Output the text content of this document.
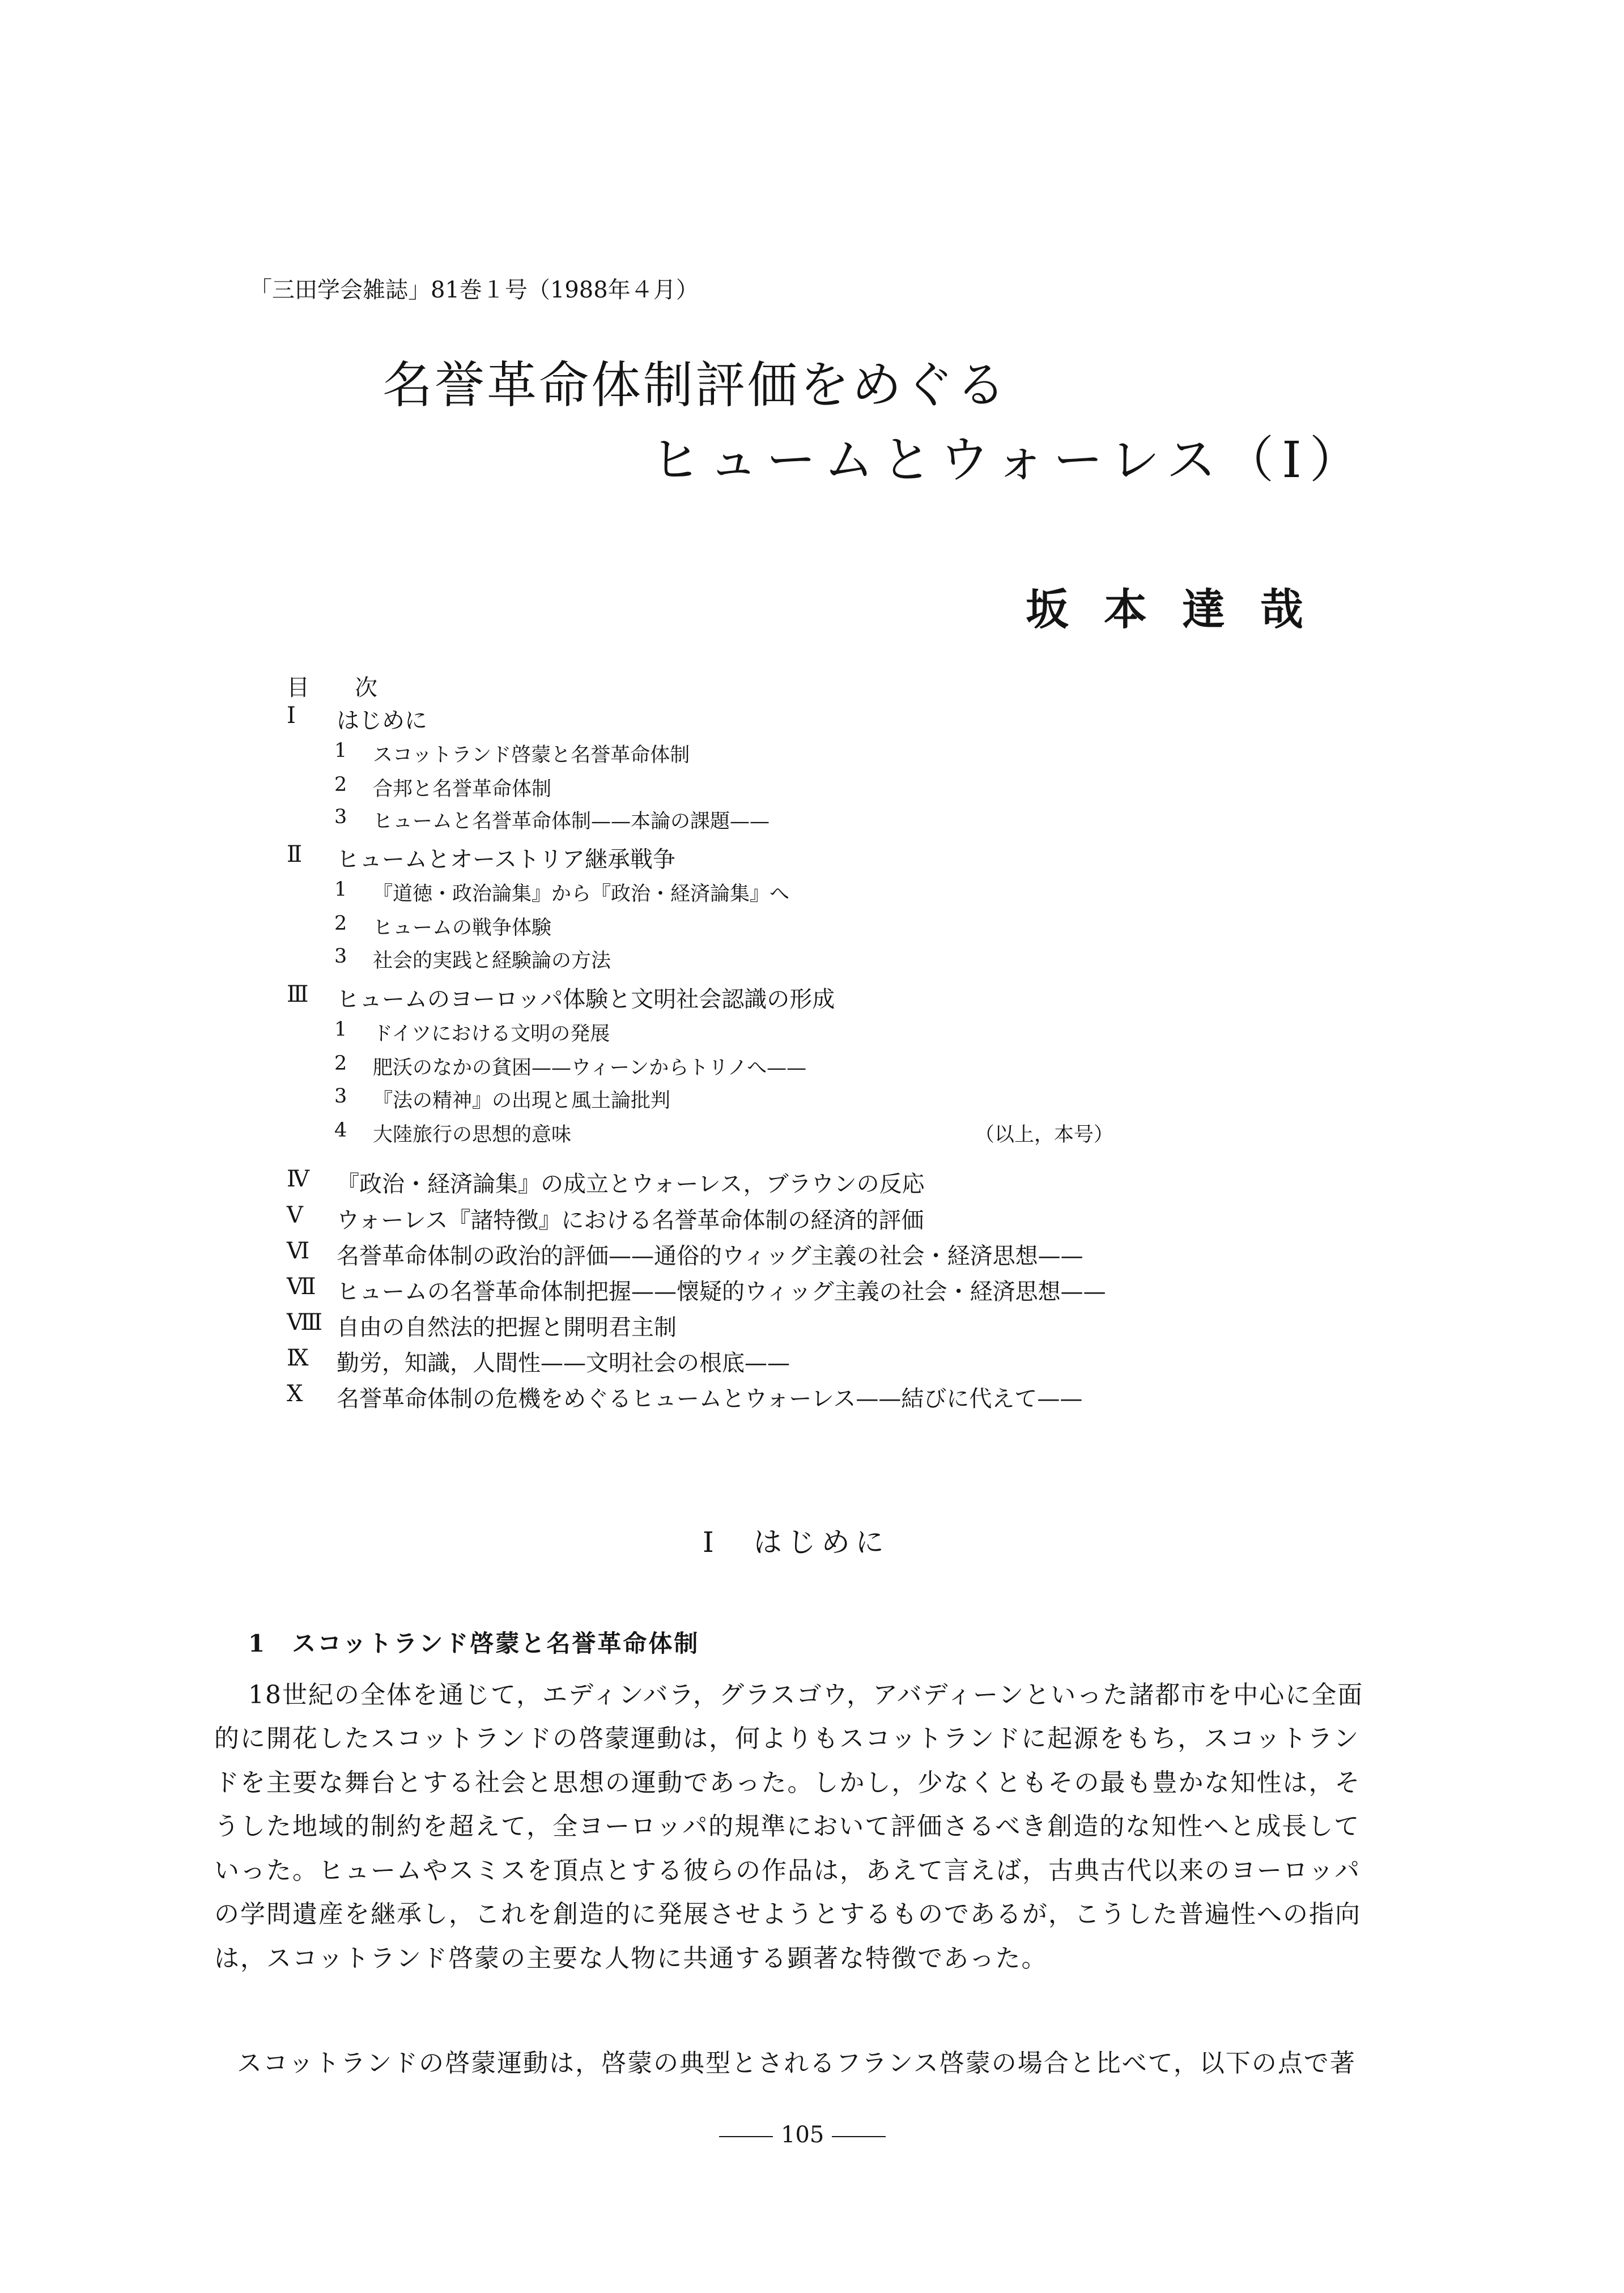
「三田学会雑誌」81巻１号（1988年４月）
名誉革命体制評価をめぐる
ヒュームとウォーレス（Ⅰ）
坂本達哉
目次
Ⅰ	はじめに
1	スコットランド啓蒙と名誉革命体制
2	合邦と名誉革命体制
3	ヒュームと名誉革命体制——本論の課題——
Ⅱ	ヒュームとオーストリア継承戦争
1	『道徳・政治論集』から『政治・経済論集』へ
2	ヒュームの戦争体験
3	社会的実践と経験論の方法
Ⅲ	ヒュームのヨーロッパ体験と文明社会認識の形成
1	ドイツにおける文明の発展
2	肥沃のなかの貧困——ウィーンからトリノへ——
3	『法の精神』の出現と風土論批判
4	大陸旅行の思想的意味	（以上，本号）
Ⅳ	『政治・経済論集』の成立とウォーレス，ブラウンの反応
Ⅴ	ウォーレス『諸特徴』における名誉革命体制の経済的評価
Ⅵ	名誉革命体制の政治的評価——通俗的ウィッグ主義の社会・経済思想——
Ⅶ ヒュームの名誉革命体制把握——懐疑的ウィッグ主義の社会・経済思想——
Ⅷ 自由の自然法的把握と開明君主制
Ⅸ	勤労，知識，人間性——文明社会の根底——
Ⅹ	名誉革命体制の危機をめぐるヒュームとウォーレス——結びに代えて——
Ⅰ　はじめに
1　スコットランド啓蒙と名誉革命体制
18世紀の全体を通じて，エディンバラ，グラスゴウ，アバディーンといった諸都市を中心に全面
的に開花したスコットランドの啓蒙運動は，何よりもスコットランドに起源をもち，スコットラン
ドを主要な舞台とする社会と思想の運動であった。しかし，少なくともその最も豊かな知性は，そ
うした地域的制約を超えて，全ヨーロッパ的規準において評価さるべき創造的な知性へと成長して
いった。ヒュームやスミスを頂点とする彼らの作品は，あえて言えば，古典古代以来のヨーロッパ
の学問遺産を継承し，これを創造的に発展させようとするものであるが，こうした普遍性への指向
は，スコットランド啓蒙の主要な人物に共通する顕著な特徴であった。
スコットランドの啓蒙運動は，啓蒙の典型とされるフランス啓蒙の場合と比べて，以下の点で著
105
